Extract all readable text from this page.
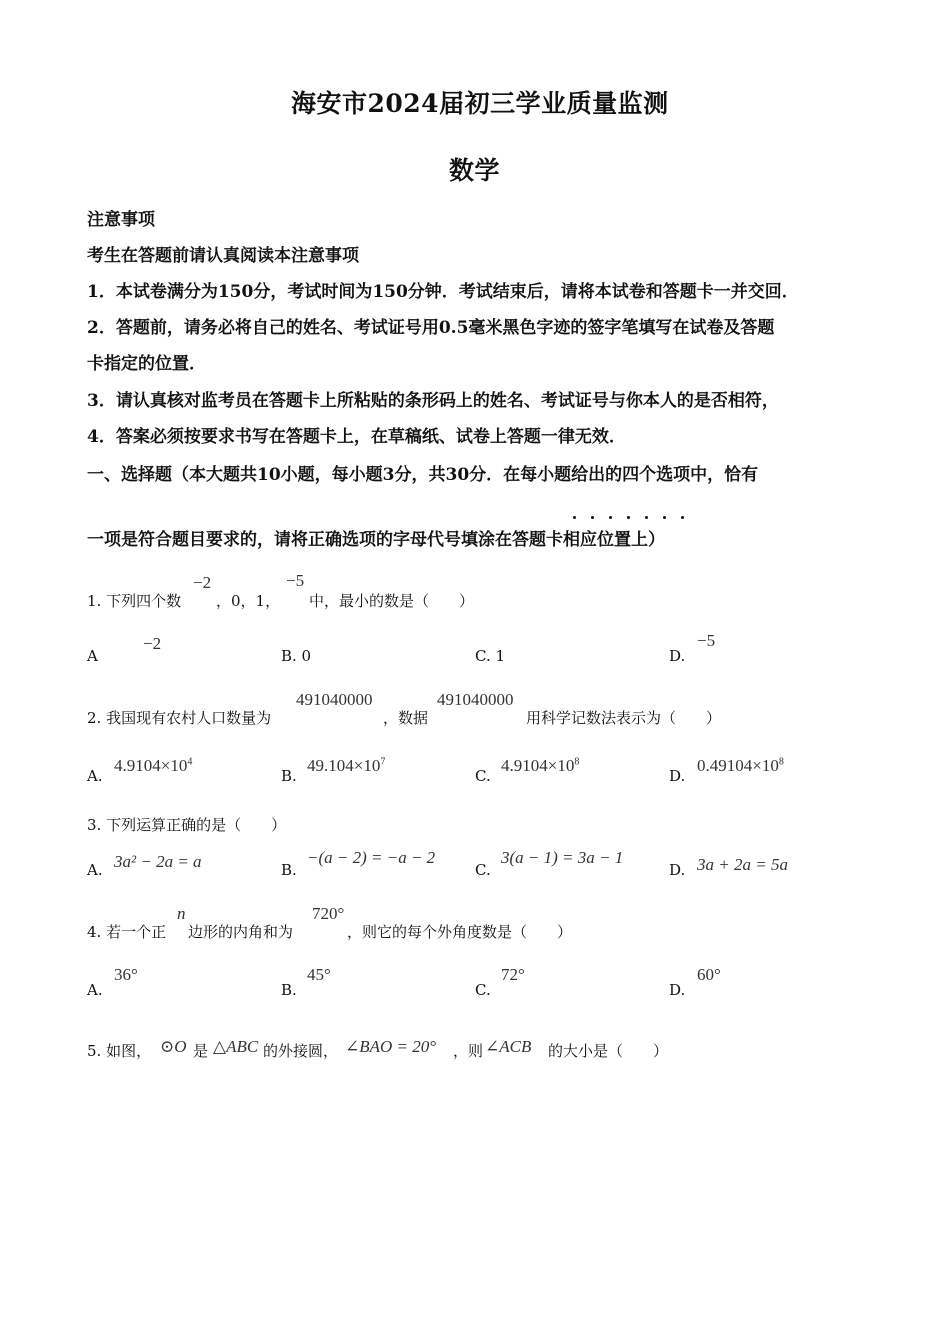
海安市2024届初三学业质量监测
数学
注意事项
考生在答题前请认真阅读本注意事项
1．本试卷满分为150分，考试时间为150分钟．考试结束后，请将本试卷和答题卡一并交回．
2．答题前，请务必将自己的姓名、考试证号用0.5毫米黑色字迹的签字笔填写在试卷及答题
卡指定的位置．
3．请认真核对监考员在答题卡上所粘贴的条形码上的姓名、考试证号与你本人的是否相符，
4．答案必须按要求书写在答题卡上，在草稿纸、试卷上答题一律无效．
一、选择题（本大题共10小题，每小题3分，共30分．在每小题给出的四个选项中，恰有
一项是符合题目要求的，请将正确选项的字母代号填涂在答题卡相应位置上）
1. 下列四个数
−2
，0，1，
−5
中，最小的数是（　　）
A
−2
B. 0	C. 1	D.
−5
2. 我国现有农村人口数量为
491040000
，数据
491040000
用科学记数法表示为（　　）
A.
$4.9104\times 10^4$
B.
$49.104\times 10^7$
C.
$4.9104\times 10^8$
D.
$0.49104\times 10^8$
3. 下列运算正确的是（　　）
A. 3a² − 2a = a	B.
−(a − 2) = −a − 2
C.
3(a − 1) = 3a − 1
D. 3a + 2a = 5a
4. 若一个正
n
边形的内角和为
720°
，则它的每个外角度数是（　　）
A.
36°
B.
45°
C.
72°
D.
60°
5. 如图， ⊙O 是 △ABC 的外接圆， ∠BAO = 20° ，则 ∠ACB 的大小是（　　）
